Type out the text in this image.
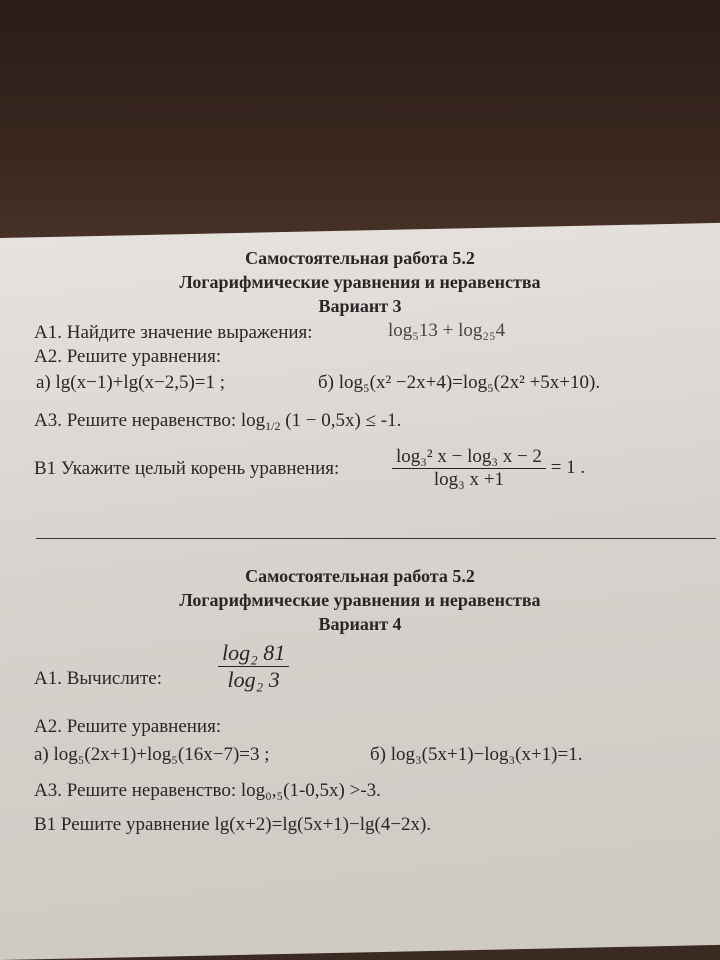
Самостоятельная работа 5.2
Логарифмические уравнения и неравенства
Вариант 3
А1. Найдите значение выражения:	log₅13 + log₂₅4
А2. Решите уравнения:
а) lg(x−1)+lg(x−2,5)=1 ;	б) log₅(x² −2x+4)=log₅(2x² +5x+10).
А3. Решите неравенство: $\log_{1/2} (1 - 0,5x) \le -1$.
В1 Укажите целый корень уравнения:	$\frac{\text{log₃² x − log₃ x − 2}}{\text{log₃ x +1}} = 1$ .
Самостоятельная работа 5.2
Логарифмические уравнения и неравенства
Вариант 4
А1. Вычислите:	$\frac{\text{log₂ 81}}{\text{log₂ 3}}$
А2. Решите уравнения:
а) log₅(2x+1)+log₅(16x−7)=3 ;	б) log₃(5x+1)−log₃(x+1)=1.
А3. Решите неравенство: log₀,₅(1-0,5x) >-3.
В1 Решите уравнение lg(x+2)=lg(5x+1)−lg(4−2x).
